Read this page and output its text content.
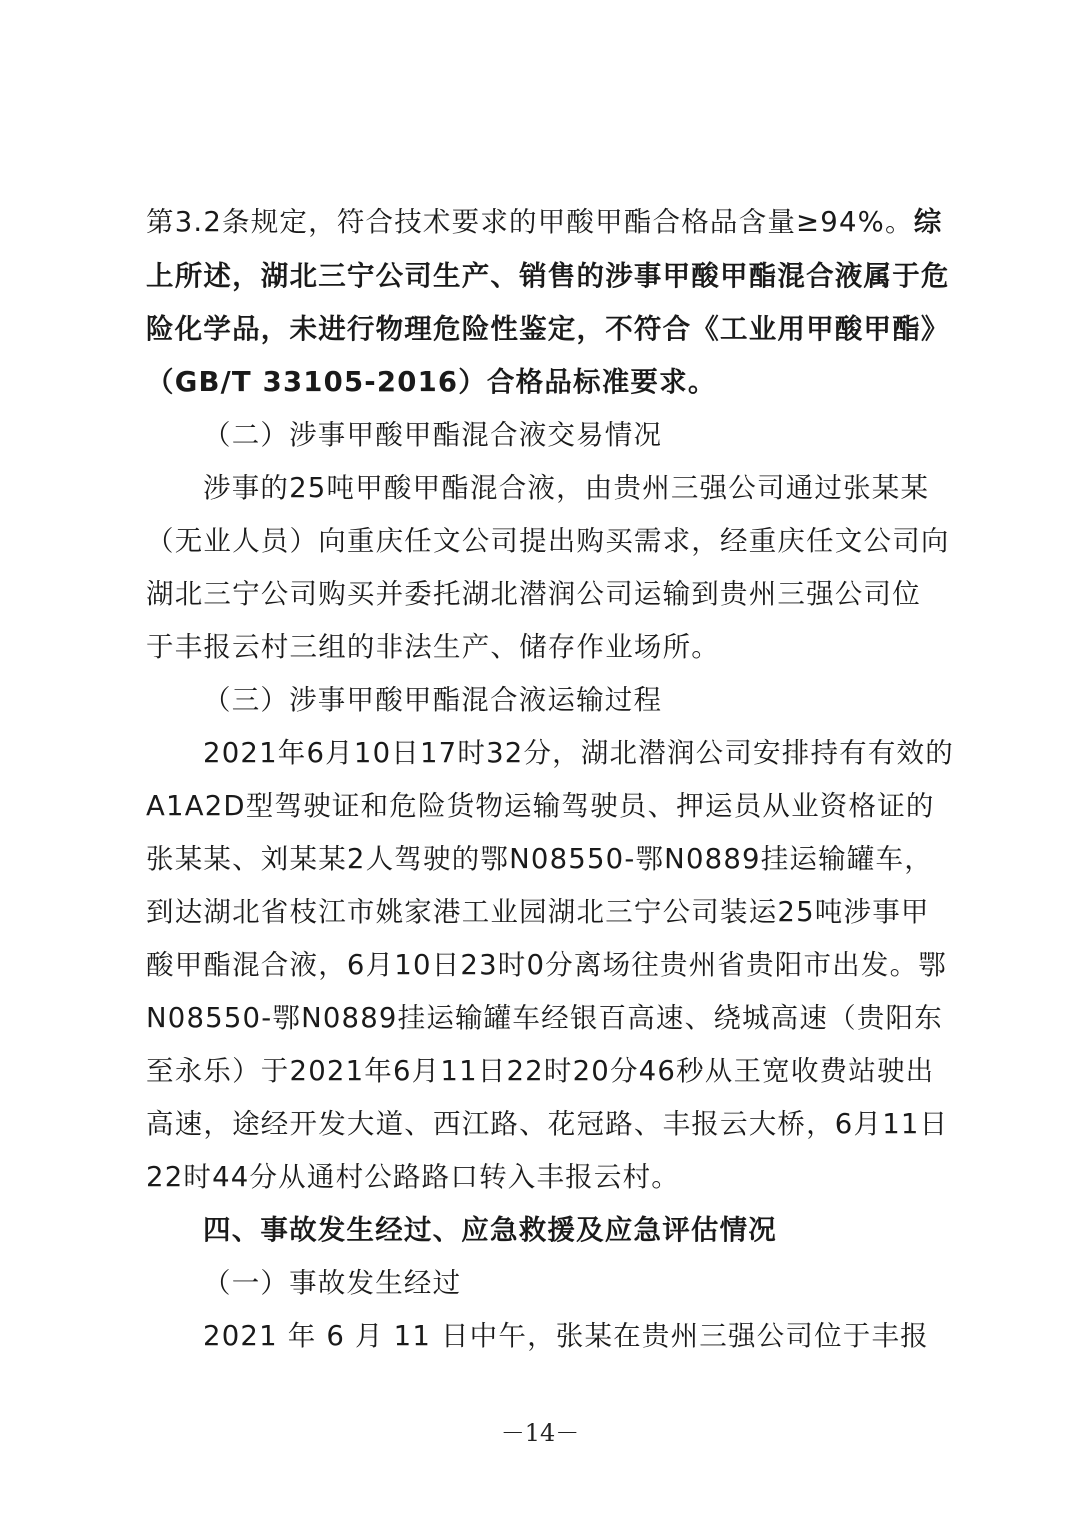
第3.2条规定，符合技术要求的甲酸甲酯合格品含量≥94%。综
上所述，湖北三宁公司生产、销售的涉事甲酸甲酯混合液属于危
险化学品，未进行物理危险性鉴定，不符合《工业用甲酸甲酯》
（GB/T 33105-2016）合格品标准要求。
（二）涉事甲酸甲酯混合液交易情况
涉事的25吨甲酸甲酯混合液，由贵州三强公司通过张某某
（无业人员）向重庆任文公司提出购买需求，经重庆任文公司向
湖北三宁公司购买并委托湖北潜润公司运输到贵州三强公司位
于丰报云村三组的非法生产、储存作业场所。
（三）涉事甲酸甲酯混合液运输过程
2021年6月10日17时32分，湖北潜润公司安排持有有效的
A1A2D型驾驶证和危险货物运输驾驶员、押运员从业资格证的
张某某、刘某某2人驾驶的鄂N08550-鄂N0889挂运输罐车，
到达湖北省枝江市姚家港工业园湖北三宁公司装运25吨涉事甲
酸甲酯混合液，6月10日23时0分离场往贵州省贵阳市出发。鄂
N08550-鄂N0889挂运输罐车经银百高速、绕城高速（贵阳东
至永乐）于2021年6月11日22时20分46秒从王宽收费站驶出
高速，途经开发大道、西江路、花冠路、丰报云大桥，6月11日
22时44分从通村公路路口转入丰报云村。
四、事故发生经过、应急救援及应急评估情况
（一）事故发生经过
2021 年 6 月 11 日中午，张某在贵州三强公司位于丰报
－14－
